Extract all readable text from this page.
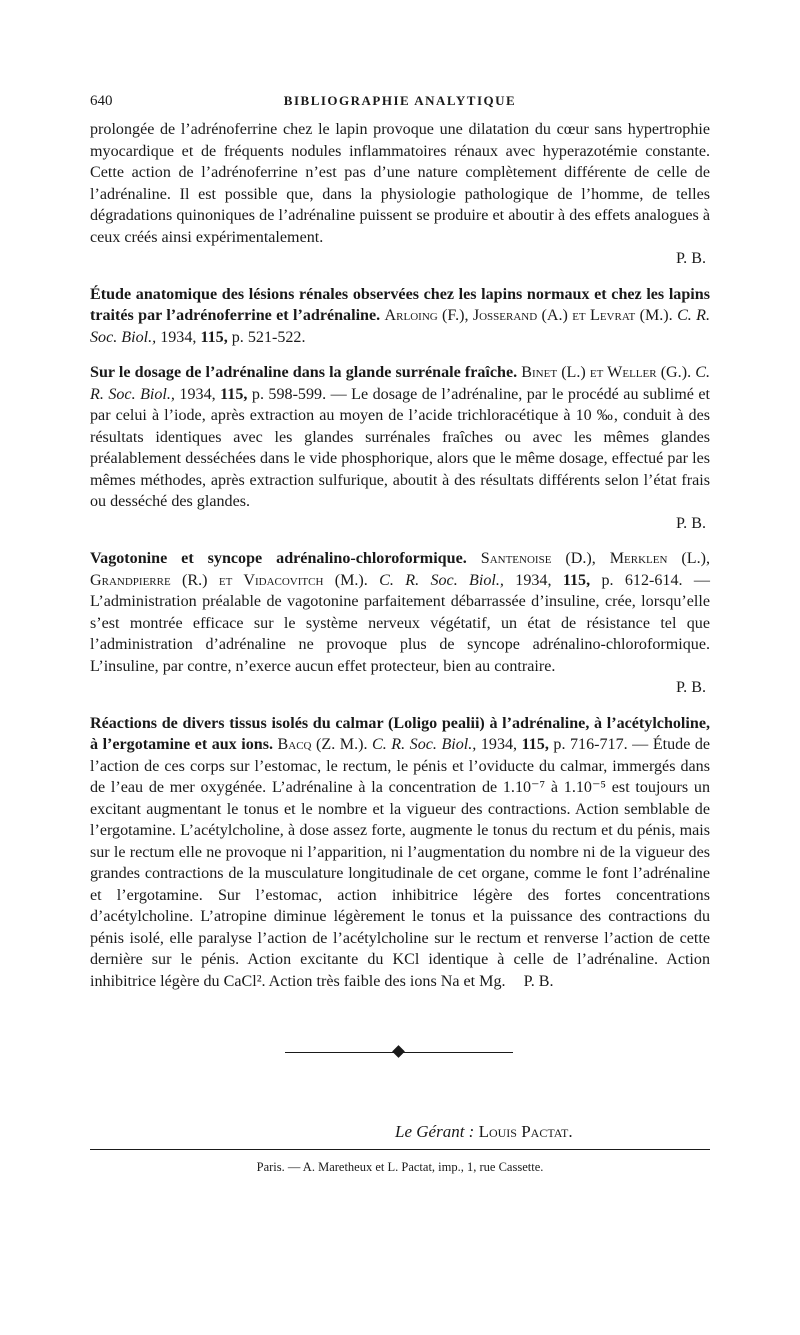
640	BIBLIOGRAPHIE ANALYTIQUE

prolongée de l’adrénoferrine chez le lapin provoque une dilatation du cœur sans hypertrophie myocardique et de fréquents nodules inflammatoires rénaux avec hyperazotémie constante. Cette action de l’adrénoferrine n’est pas d’une nature complètement différente de celle de l’adrénaline. Il est possible que, dans la physiologie pathologique de l’homme, de telles dégradations quinoniques de l’adrénaline puissent se produire et aboutir à des effets analogues à ceux créés ainsi expérimentalement.

P. B.

Étude anatomique des lésions rénales observées chez les lapins normaux et chez les lapins traités par l’adrénoferrine et l’adrénaline. Arloing (F.), Josserand (A.) et Levrat (M.). C. R. Soc. Biol., 1934, 115, p. 521-522.

Sur le dosage de l’adrénaline dans la glande surrénale fraîche. Binet (L.) et Weller (G.). C. R. Soc. Biol., 1934, 115, p. 598-599. — Le dosage de l’adrénaline, par le procédé au sublimé et par celui à l’iode, après extraction au moyen de l’acide trichloracétique à 10 ‰, conduit à des résultats identiques avec les glandes surrénales fraîches ou avec les mêmes glandes préalablement desséchées dans le vide phosphorique, alors que le même dosage, effectué par les mêmes méthodes, après extraction sulfurique, aboutit à des résultats différents selon l’état frais ou desséché des glandes.

P. B.

Vagotonine et syncope adrénalino-chloroformique. Santenoise (D.), Merklen (L.), Grandpierre (R.) et Vidacovitch (M.). C. R. Soc. Biol., 1934, 115, p. 612-614. — L’administration préalable de vagotonine parfaitement débarrassée d’insuline, crée, lorsqu’elle s’est montrée efficace sur le système nerveux végétatif, un état de résistance tel que l’administration d’adrénaline ne provoque plus de syncope adrénalino-chloroformique. L’insuline, par contre, n’exerce aucun effet protecteur, bien au contraire.

P. B.

Réactions de divers tissus isolés du calmar (Loligo pealii) à l’adrénaline, à l’acétylcholine, à l’ergotamine et aux ions. Bacq (Z. M.). C. R. Soc. Biol., 1934, 115, p. 716-717. — Étude de l’action de ces corps sur l’estomac, le rectum, le pénis et l’oviducte du calmar, immergés dans de l’eau de mer oxygénée. L’adrénaline à la concentration de 1.10⁻⁷ à 1.10⁻⁵ est toujours un excitant augmentant le tonus et le nombre et la vigueur des contractions. Action semblable de l’ergotamine. L’acétylcholine, à dose assez forte, augmente le tonus du rectum et du pénis, mais sur le rectum elle ne provoque ni l’apparition, ni l’augmentation du nombre ni de la vigueur des grandes contractions de la musculature longitudinale de cet organe, comme le font l’adrénaline et l’ergotamine. Sur l’estomac, action inhibitrice légère des fortes concentrations d’acétylcholine. L’atropine diminue légèrement le tonus et la puissance des contractions du pénis isolé, elle paralyse l’action de l’acétylcholine sur le rectum et renverse l’action de cette dernière sur le pénis. Action excitante du KCl identique à celle de l’adrénaline. Action inhibitrice légère du CaCl². Action très faible des ions Na et Mg. P. B.

Le Gérant : Louis Pactat.
Paris. — A. Maretheux et L. Pactat, imp., 1, rue Cassette.
